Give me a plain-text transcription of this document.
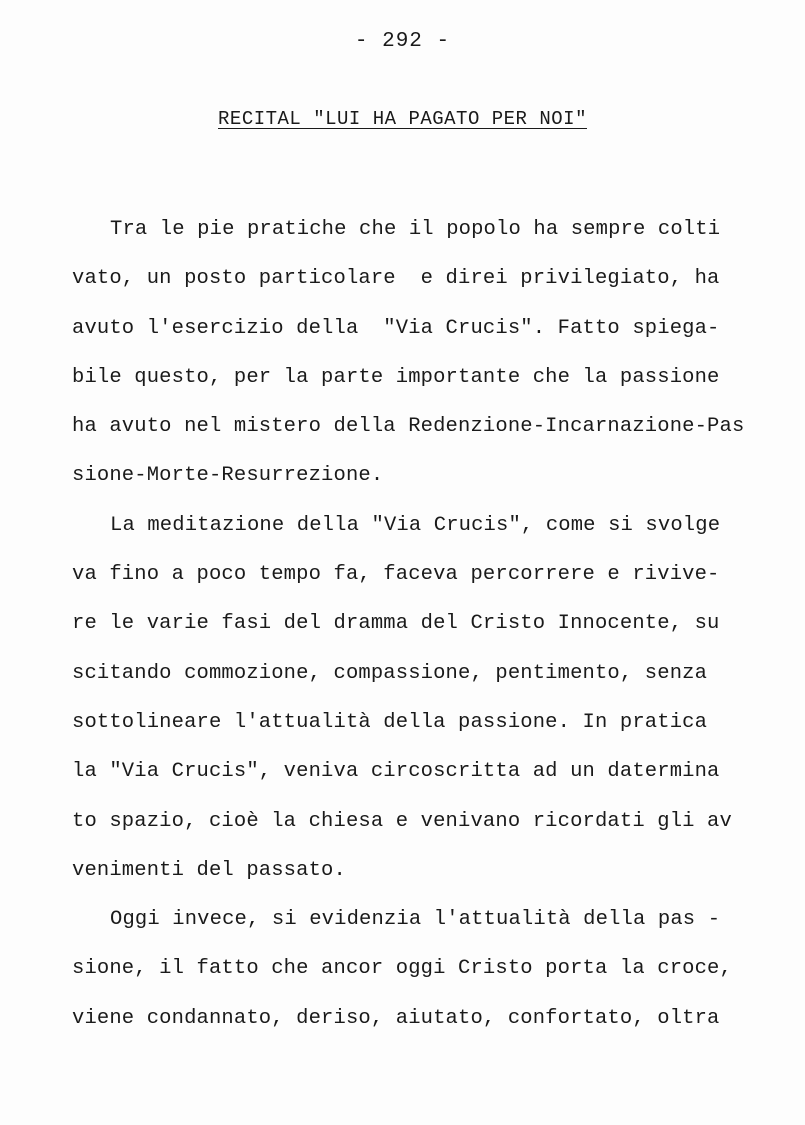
- 292 -
RECITAL "LUI HA PAGATO PER NOI"
Tra le pie pratiche che il popolo ha sempre colti
vato, un posto particolare  e direi privilegiato, ha
avuto l'esercizio della  "Via Crucis". Fatto spiega-
bile questo, per la parte importante che la passione
ha avuto nel mistero della Redenzione-Incarnazione-Pas
sione-Morte-Resurrezione.
La meditazione della "Via Crucis", come si svolge
va fino a poco tempo fa, faceva percorrere e rivive-
re le varie fasi del dramma del Cristo Innocente, su
scitando commozione, compassione, pentimento, senza
sottolineare l'attualità della passione. In pratica
la "Via Crucis", veniva circoscritta ad un datermina
to spazio, cioè la chiesa e venivano ricordati gli av
venimenti del passato.
Oggi invece, si evidenzia l'attualità della pas -
sione, il fatto che ancor oggi Cristo porta la croce,
viene condannato, deriso, aiutato, confortato, oltra
